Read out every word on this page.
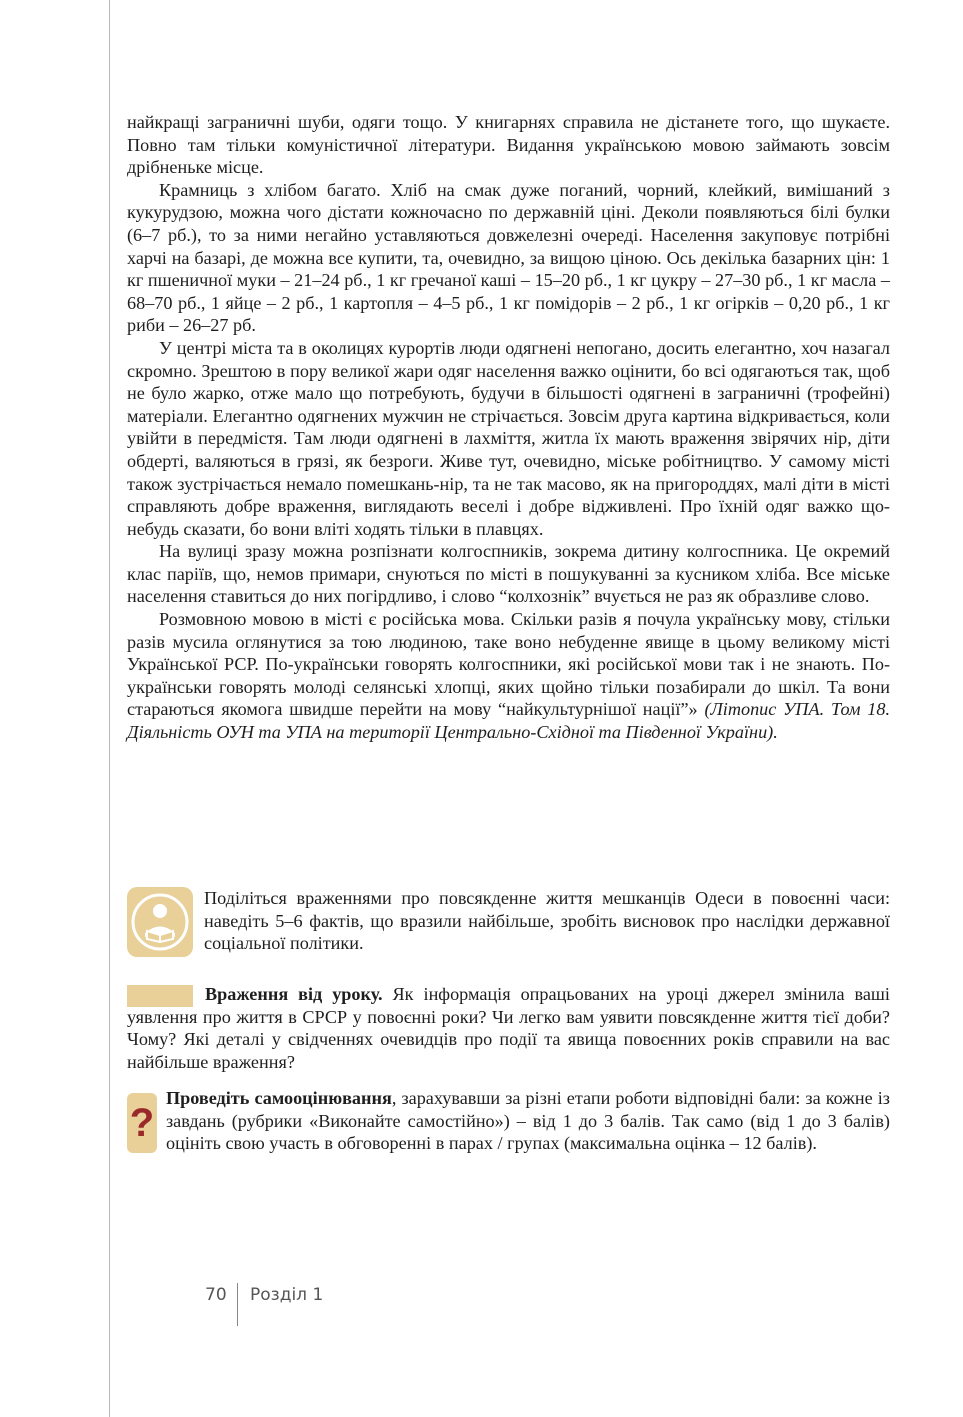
найкращі заграничні шуби, одяги тощо. У книгарнях справила не дістанете того, що шукаєте. Повно там тільки комуністичної літератури. Видання українською мовою займають зовсім дрібненьке місце.

Крамниць з хлібом багато. Хліб на смак дуже поганий, чорний, клейкий, вимішаний з кукурудзою, можна чого дістати кожночасно по державній ціні. Деколи появляються білі булки (6–7 рб.), то за ними негайно уставляються довжелезні очереді. Населення закуповує потрібні харчі на базарі, де можна все купити, та, очевидно, за вищою ціною. Ось декілька базарних цін: 1 кг пшеничної муки – 21–24 рб., 1 кг гречаної каші – 15–20 рб., 1 кг цукру – 27–30 рб., 1 кг масла – 68–70 рб., 1 яйце – 2 рб., 1 картопля – 4–5 рб., 1 кг помідорів – 2 рб., 1 кг огірків – 0,20 рб., 1 кг риби – 26–27 рб.

У центрі міста та в околицях курортів люди одягнені непогано, досить елегантно, хоч назагал скромно. Зрештою в пору великої жари одяг населення важко оцінити, бо всі одягаються так, щоб не було жарко, отже мало що потребують, будучи в більшості одягнені в заграничні (трофейні) матеріали. Елегантно одягнених мужчин не стрічається. Зовсім друга картина відкривається, коли увійти в передмістя. Там люди одягнені в лахміття, житла їх мають враження звірячих нір, діти обдерті, валяються в грязі, як безроги. Живе тут, очевидно, міське робітництво. У самому місті також зустрічається немало помешкань-нір, та не так масово, як на пригороддях, малі діти в місті справляють добре враження, виглядають веселі і добре відживлені. Про їхній одяг важко що-небудь сказати, бо вони вліті ходять тільки в плавцях.

На вулиці зразу можна розпізнати колгоспників, зокрема дитину колгоспника. Це окремий клас паріїв, що, немов примари, снуються по місті в пошукуванні за кусником хліба. Все міське населення ставиться до них погірдливо, і слово “колхознік” вчується не раз як образливе слово.

Розмовною мовою в місті є російська мова. Скільки разів я почула українську мову, стільки разів мусила оглянутися за тою людиною, таке воно небуденне явище в цьому великому місті Української РСР. По-українськи говорять колгоспники, які російської мови так і не знають. По-українськи говорять молоді селянські хлопці, яких щойно тільки позабирали до шкіл. Та вони стараються якомога швидше перейти на мову “найкультурнішої нації”» (Літопис УПА. Том 18. Діяльність ОУН та УПА на території Центрально-Східної та Південної України).

Поділіться враженнями про повсякденне життя мешканців Одеси в повоєнні часи: наведіть 5–6 фактів, що вразили найбільше, зробіть висновок про наслідки державної соціальної політики.

Враження від уроку. Як інформація опрацьованих на уроці джерел змінила ваші уявлення про життя в СРСР у повоєнні роки? Чи легко вам уявити повсякденне життя тієї доби? Чому? Які деталі у свідченнях очевидців про події та явища повоєнних років справили на вас найбільше враження?

?
Проведіть самооцінювання, зарахувавши за різні етапи роботи відповідні бали: за кожне із завдань (рубрики «Виконайте самостійно») – від 1 до 3 балів. Так само (від 1 до 3 балів) оцініть свою участь в обговоренні в парах / групах (максимальна оцінка – 12 балів).
70 Розділ 1
